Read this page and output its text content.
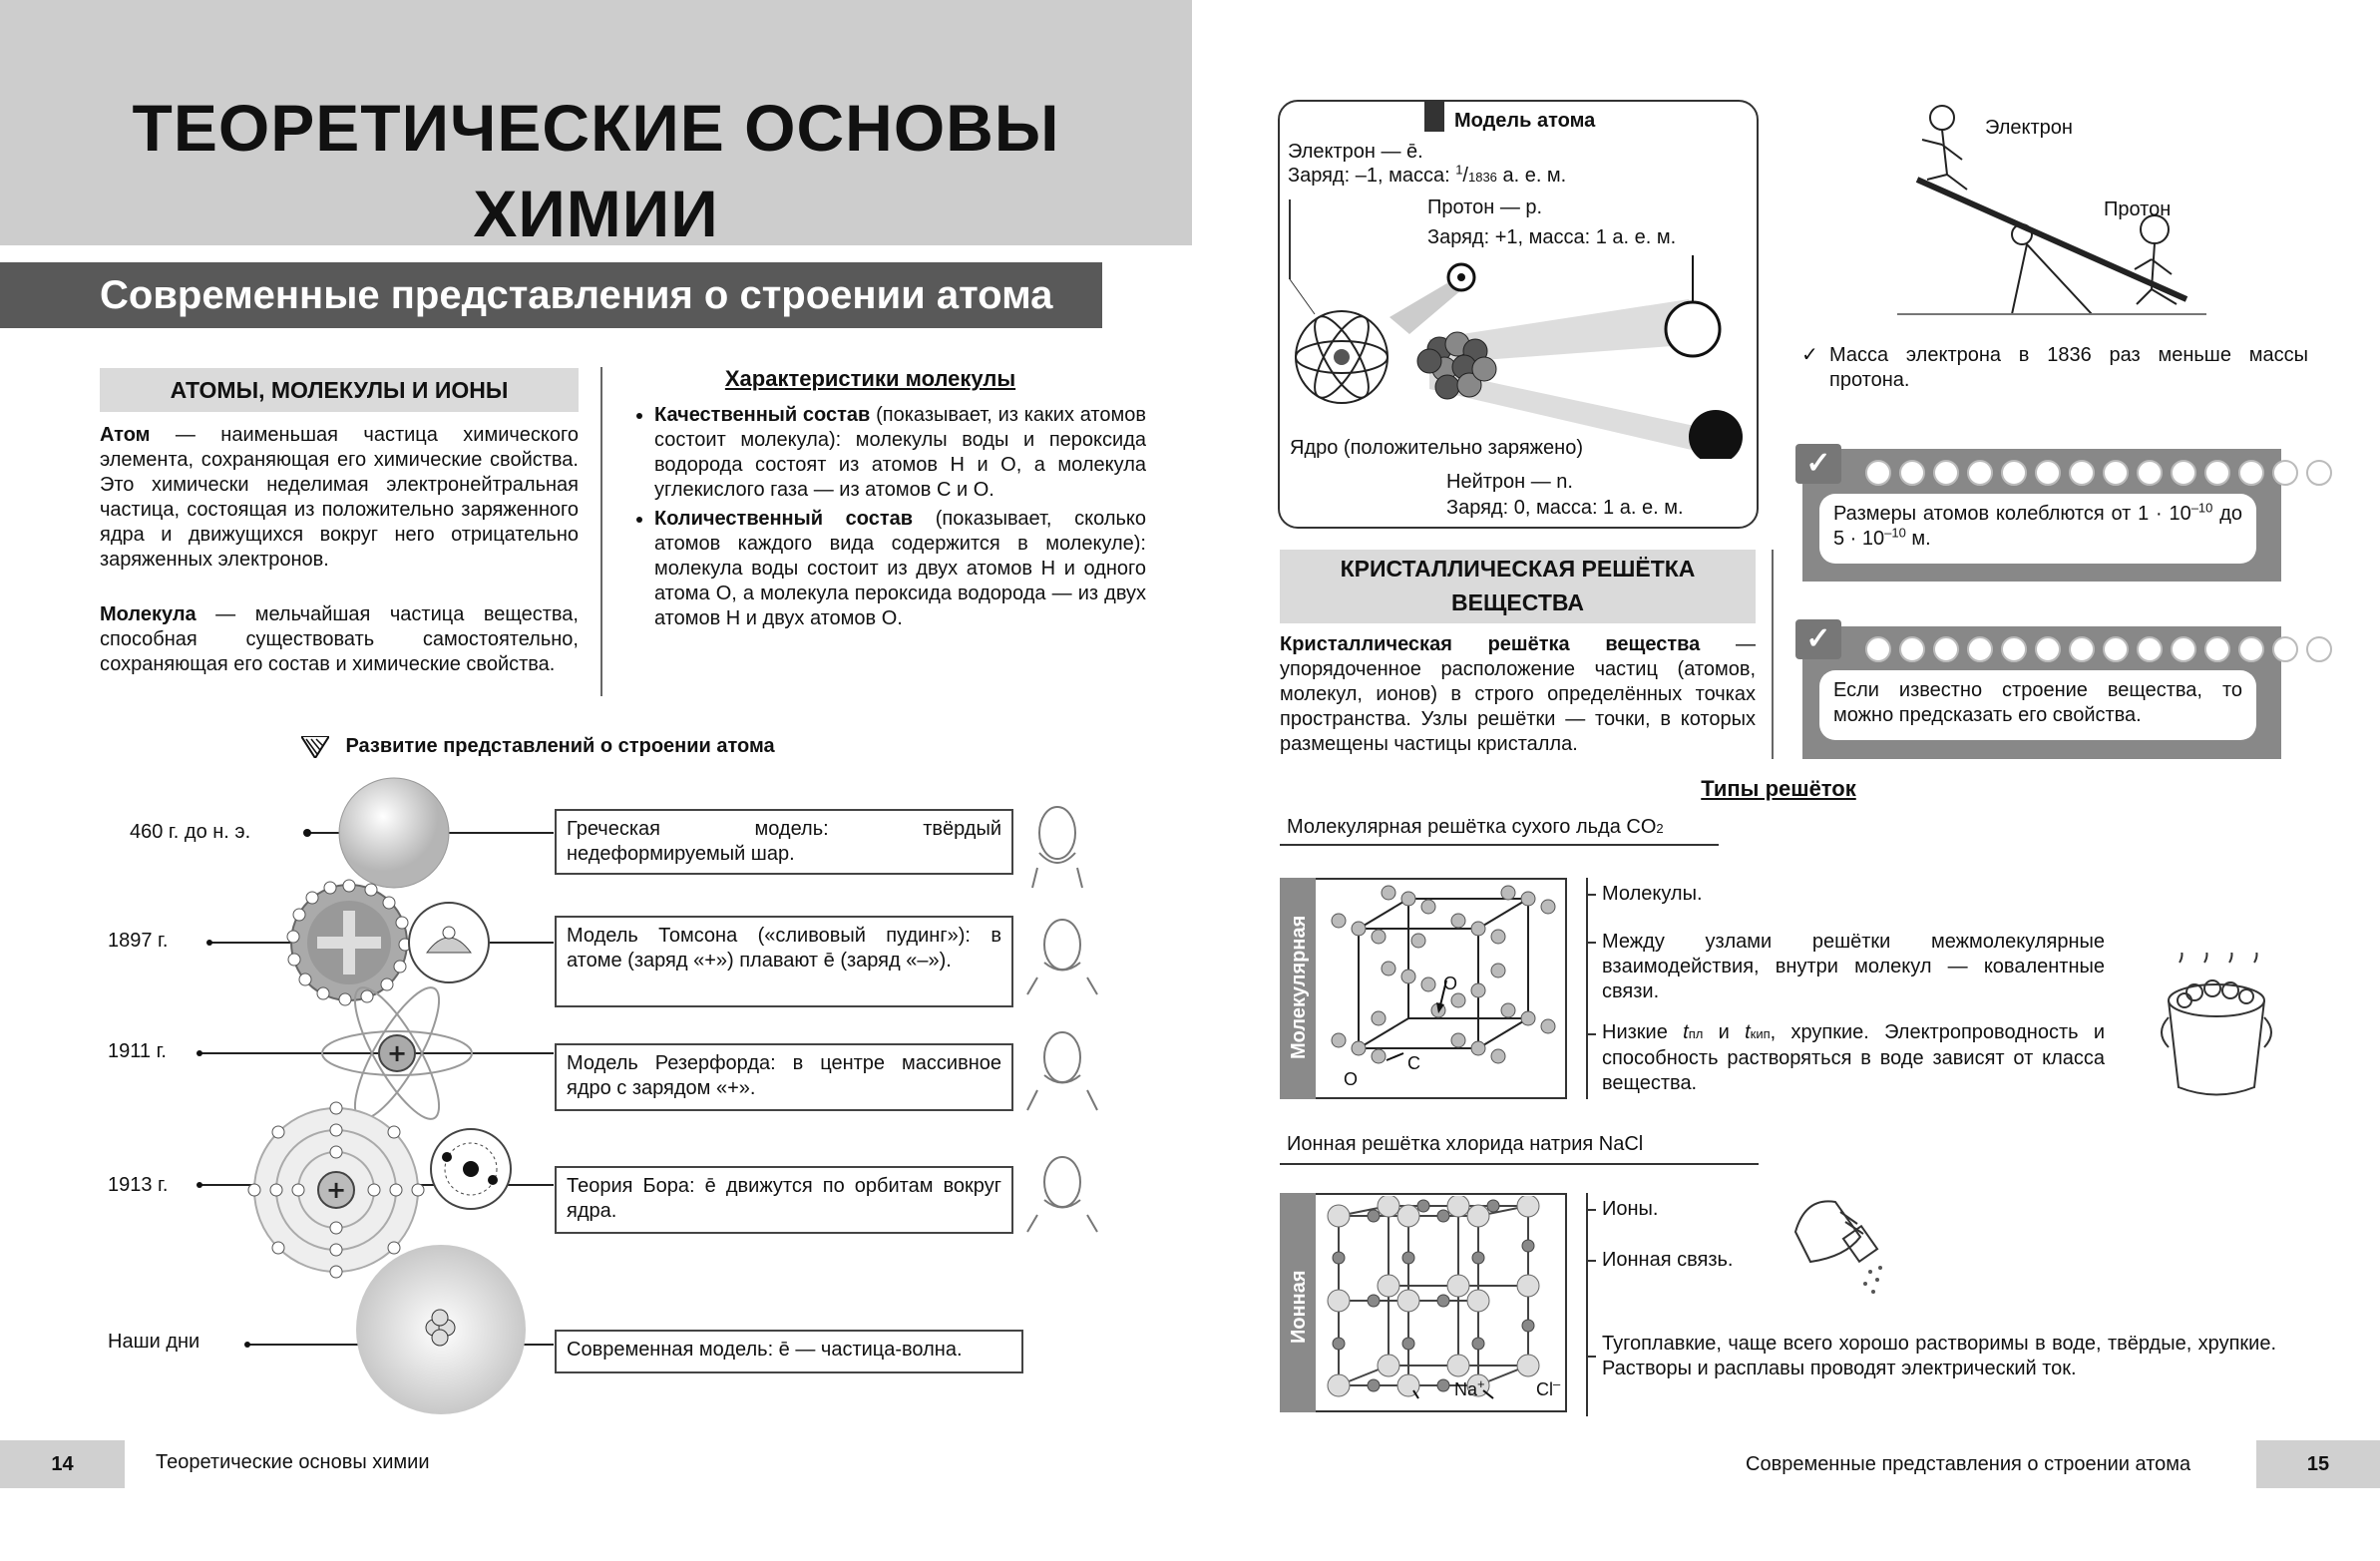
ТЕОРЕТИЧЕСКИЕ ОСНОВЫ
ХИМИИ
Современные представления о строении атома
АТОМЫ, МОЛЕКУЛЫ И ИОНЫ
Атом — наименьшая частица химического элемента, сохраняющая его химические свойства. Это химически неделимая электронейтральная частица, состоящая из положительно заряженного ядра и движущихся вокруг него отрицательно заряженных электронов.
Молекула — мельчайшая частица вещества, способная существовать самостоятельно, сохраняющая его состав и химические свойства.
Характеристики молекулы
• Качественный состав (показывает, из каких атомов состоит молекула): молекулы воды и пероксида водорода состоят из атомов Н и О, а молекула углекислого газа — из атомов С и О.
• Количественный состав (показывает, сколько атомов каждого вида содержится в молекуле): молекула воды состоит из двух атомов Н и одного атома О, а молекула пероксида водорода — из двух атомов Н и двух атомов О.
Развитие представлений о строении атома
+
+
460 г. до н. э.
1897 г.
1911 г.
1913 г.
Наши дни
Греческая модель: твёрдый недеформируемый шар.
Модель Томсона («сливовый пудинг»): в атоме (заряд «+») плавают ē (заряд «–»).
Модель Резерфорда: в центре массивное ядро с зарядом «+».
Теория Бора: ē движутся по орбитам вокруг ядра.
Современная модель: ē — частица-волна.
14	Теоретические основы химии
Модель атома
Электрон — ē.
Заряд: –1, масса: $^1$/1836 а. е. м.
Протон — p.
Заряд: +1, масса: 1 а. е. м.
Ядро (положительно заряжено)
Нейтрон — n.
Заряд: 0, масса: 1 а. е. м.
Электрон
Протон
✓ Масса электрона в 1836 раз меньше массы протона.
✓
Размеры атомов колеблются от $1 \cdot 10^{-10}$ до $5 \cdot 10^{-10}$ м.
✓
Если известно строение вещества, то можно предсказать его свойства.
КРИСТАЛЛИЧЕСКАЯ РЕШЁТКА ВЕЩЕСТВА
Кристаллическая решётка вещества — упорядоченное расположение частиц (атомов, молекул, ионов) в строго определённых точках пространства. Узлы решётки — точки, в которых размещены частицы кристалла.
Типы решёток
Молекулярная решётка сухого льда CO2
Молекулярная	O
C
O
Молекулы.
Между узлами решётки межмолекулярные взаимодействия, внутри молекул — ковалентные связи.
Низкие tпл и tкип, хрупкие. Электропроводность и способность растворяться в воде зависят от класса вещества.
Ионная решётка хлорида натрия NaCl
Ионная
Na+	Cl–
Ионы.
Ионная связь.
Тугоплавкие, чаще всего хорошо растворимы в воде, твёрдые, хрупкие. Растворы и расплавы проводят электрический ток.
Современные представления о строении атома	15
